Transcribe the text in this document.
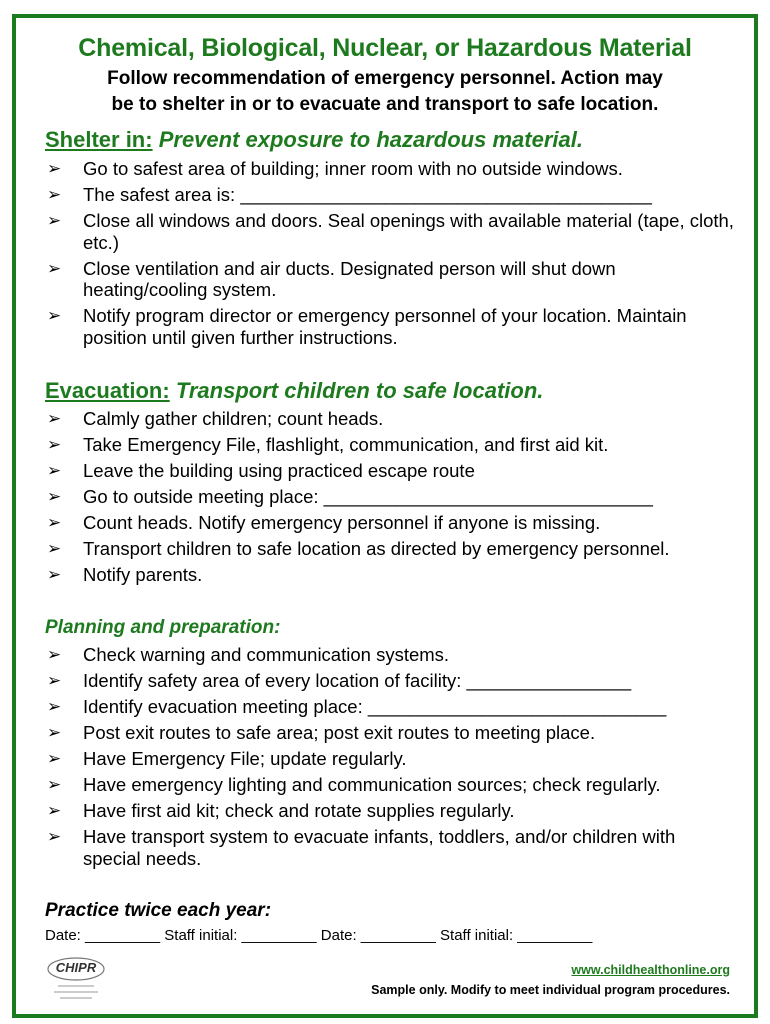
Chemical, Biological, Nuclear, or Hazardous Material
Follow recommendation of emergency personnel. Action may
be to shelter in or to evacuate and transport to safe location.
Shelter in: Prevent exposure to hazardous material.
➢ Go to safest area of building; inner room with no outside windows.
➢ The safest area is: ________________________________________
➢ Close all windows and doors. Seal openings with available material (tape, cloth, etc.)
➢ Close ventilation and air ducts. Designated person will shut down heating/cooling system.
➢ Notify program director or emergency personnel of your location. Maintain position until given further instructions.
Evacuation: Transport children to safe location.
➢ Calmly gather children; count heads.
➢ Take Emergency File, flashlight, communication, and first aid kit.
➢ Leave the building using practiced escape route
➢ Go to outside meeting place: ________________________________
➢ Count heads. Notify emergency personnel if anyone is missing.
➢ Transport children to safe location as directed by emergency personnel.
➢ Notify parents.
Planning and preparation:
➢ Check warning and communication systems.
➢ Identify safety area of every location of facility: ________________
➢ Identify evacuation meeting place: _____________________________
➢ Post exit routes to safe area; post exit routes to meeting place.
➢ Have Emergency File; update regularly.
➢ Have emergency lighting and communication sources; check regularly.
➢ Have first aid kit; check and rotate supplies regularly.
➢ Have transport system to evacuate infants, toddlers, and/or children with special needs.
Practice twice each year:
Date: _________ Staff initial: _________ Date: _________ Staff initial: _________
CHIPR	www.childhealthonline.org
Sample only. Modify to meet individual program procedures.
